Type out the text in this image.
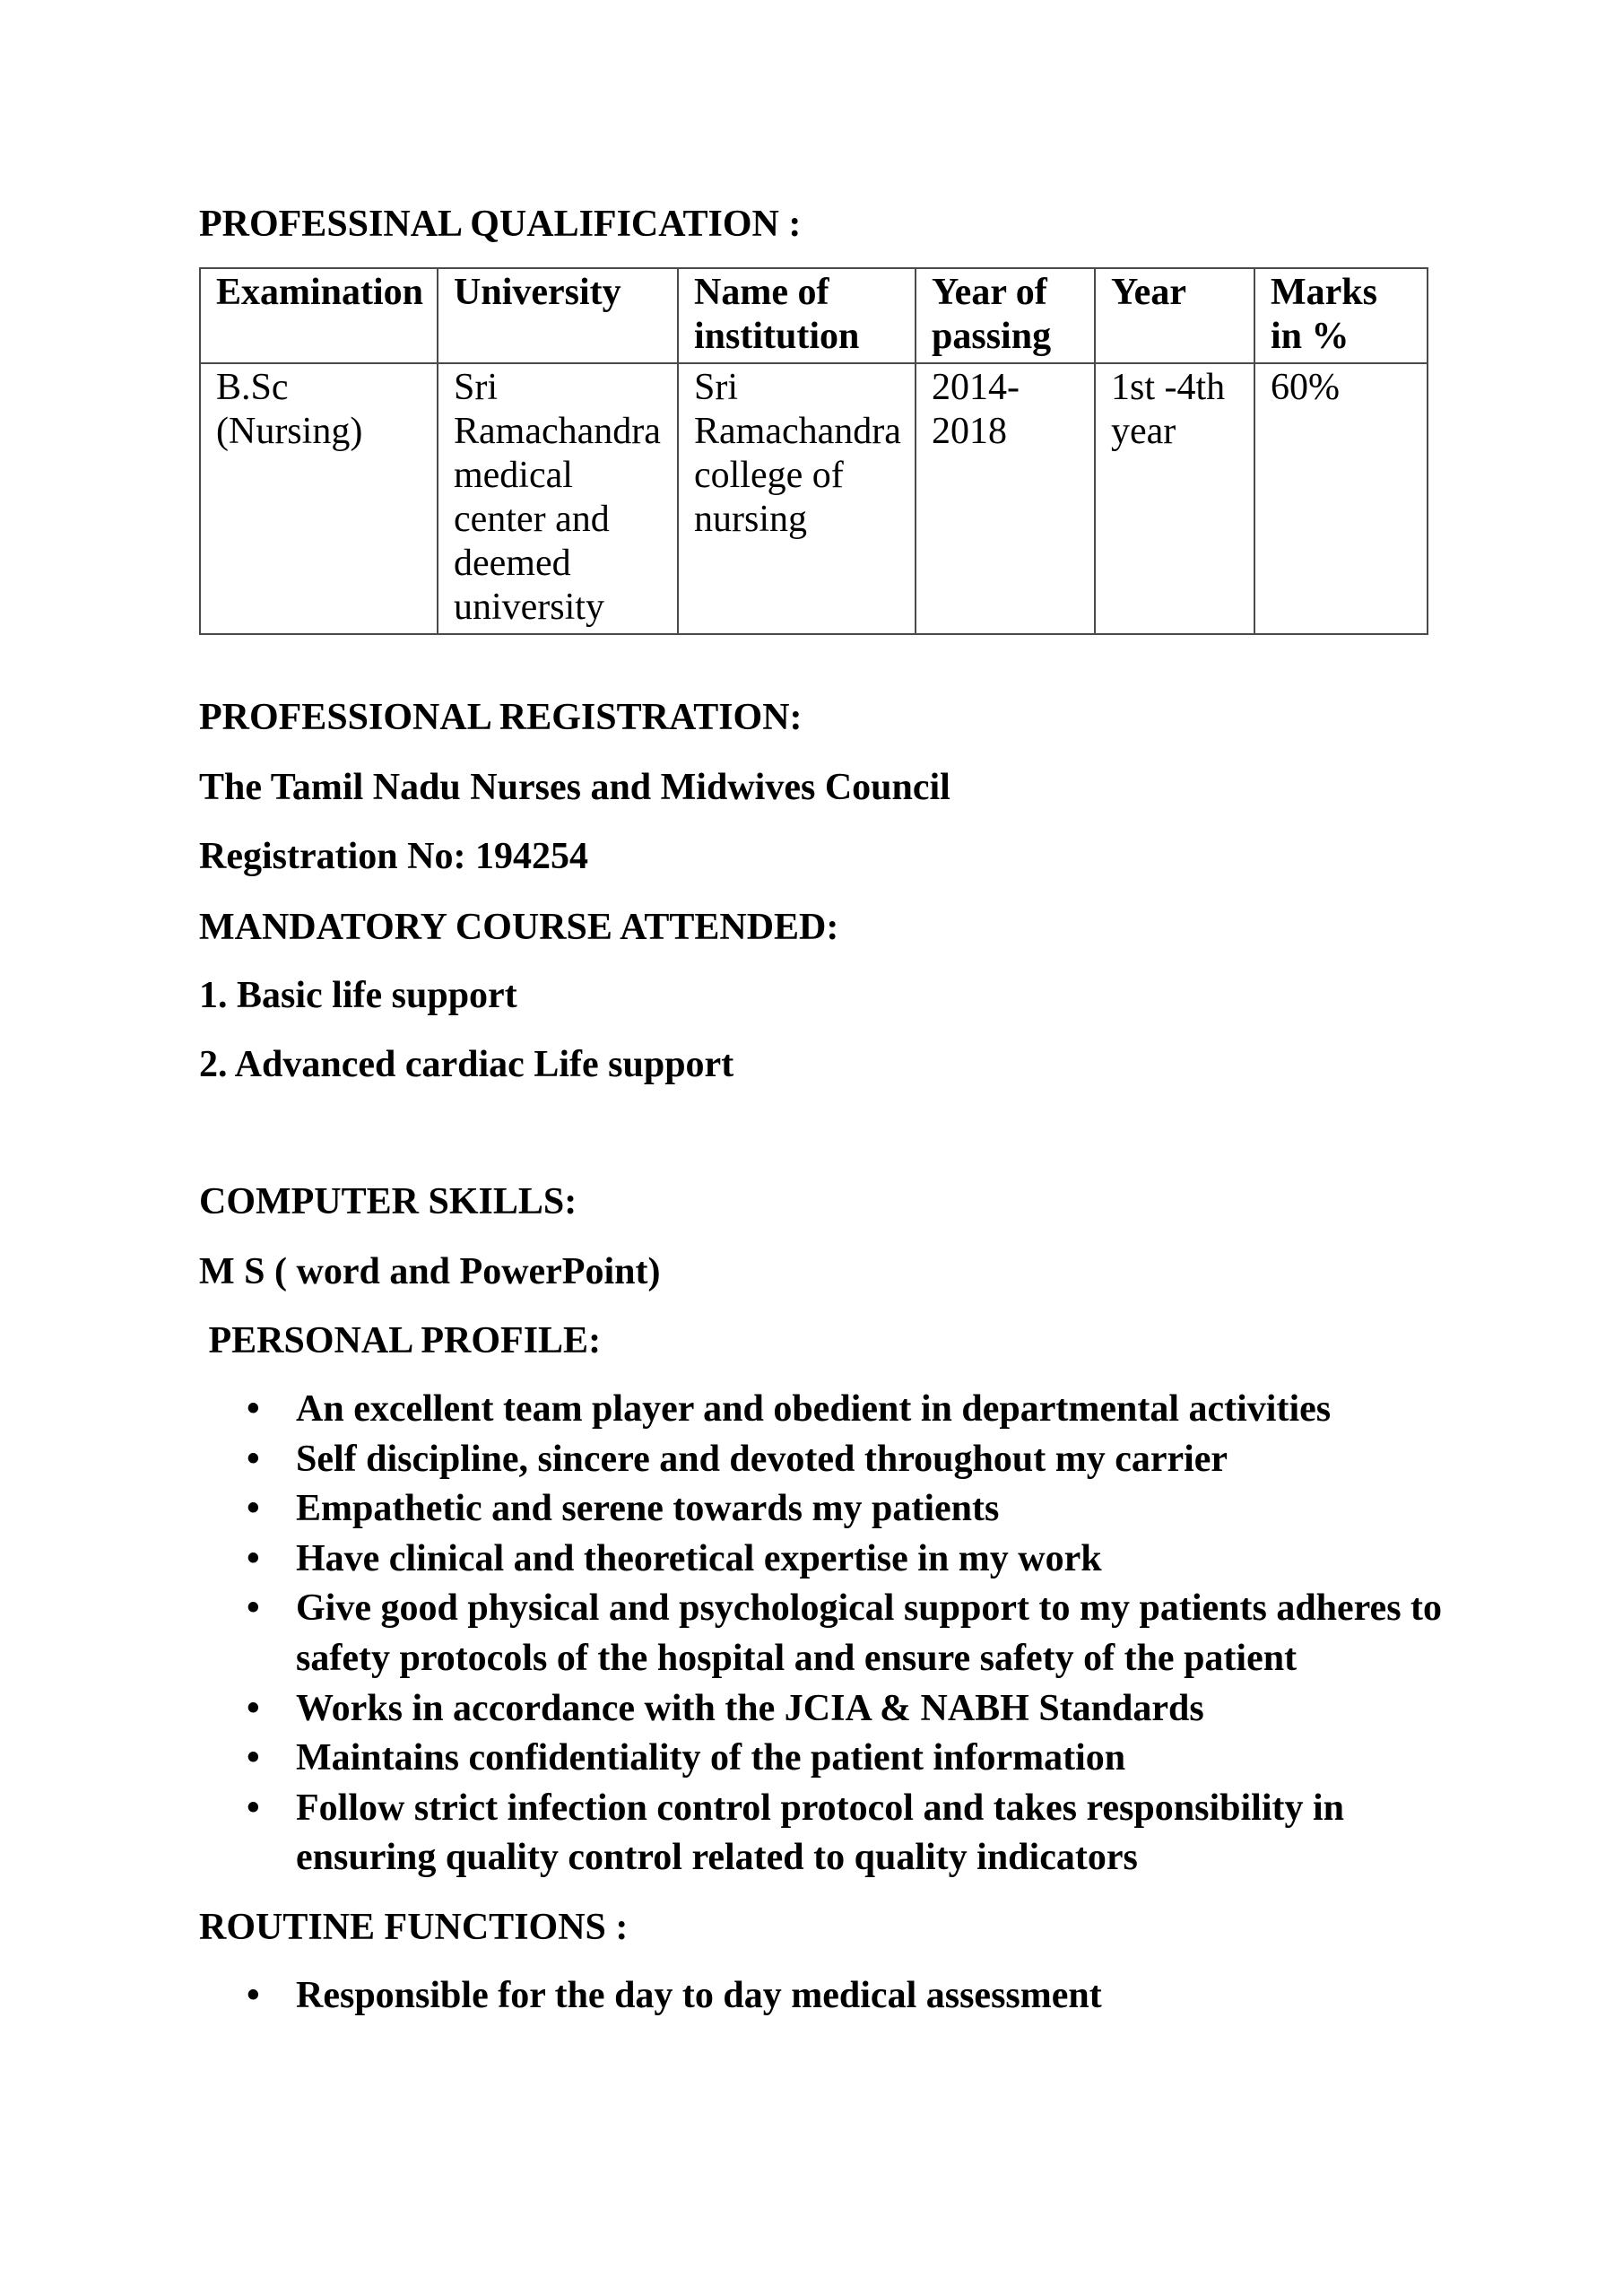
PROFESSINAL QUALIFICATION :
Examination	University	Name of institution	Year of passing	Year	Marks in %
B.Sc (Nursing)	Sri Ramachandra medical center and deemed university	Sri Ramachandra college of nursing	2014-2018	1st -4th year	60%
PROFESSIONAL REGISTRATION:
The Tamil Nadu Nurses and Midwives Council
Registration No: 194254
MANDATORY COURSE ATTENDED:
1. Basic life support
2. Advanced cardiac Life support
COMPUTER SKILLS:
M S ( word and PowerPoint)
PERSONAL PROFILE:
• An excellent team player and obedient in departmental activities
• Self discipline, sincere and devoted throughout my carrier
• Empathetic and serene towards my patients
• Have clinical and theoretical expertise in my work
• Give good physical and psychological support to my patients adheres to safety protocols of the hospital and ensure safety of the patient
• Works in accordance with the JCIA & NABH Standards
• Maintains confidentiality of the patient information
• Follow strict infection control protocol and takes responsibility in ensuring quality control related to quality indicators
ROUTINE FUNCTIONS :
• Responsible for the day to day medical assessment
